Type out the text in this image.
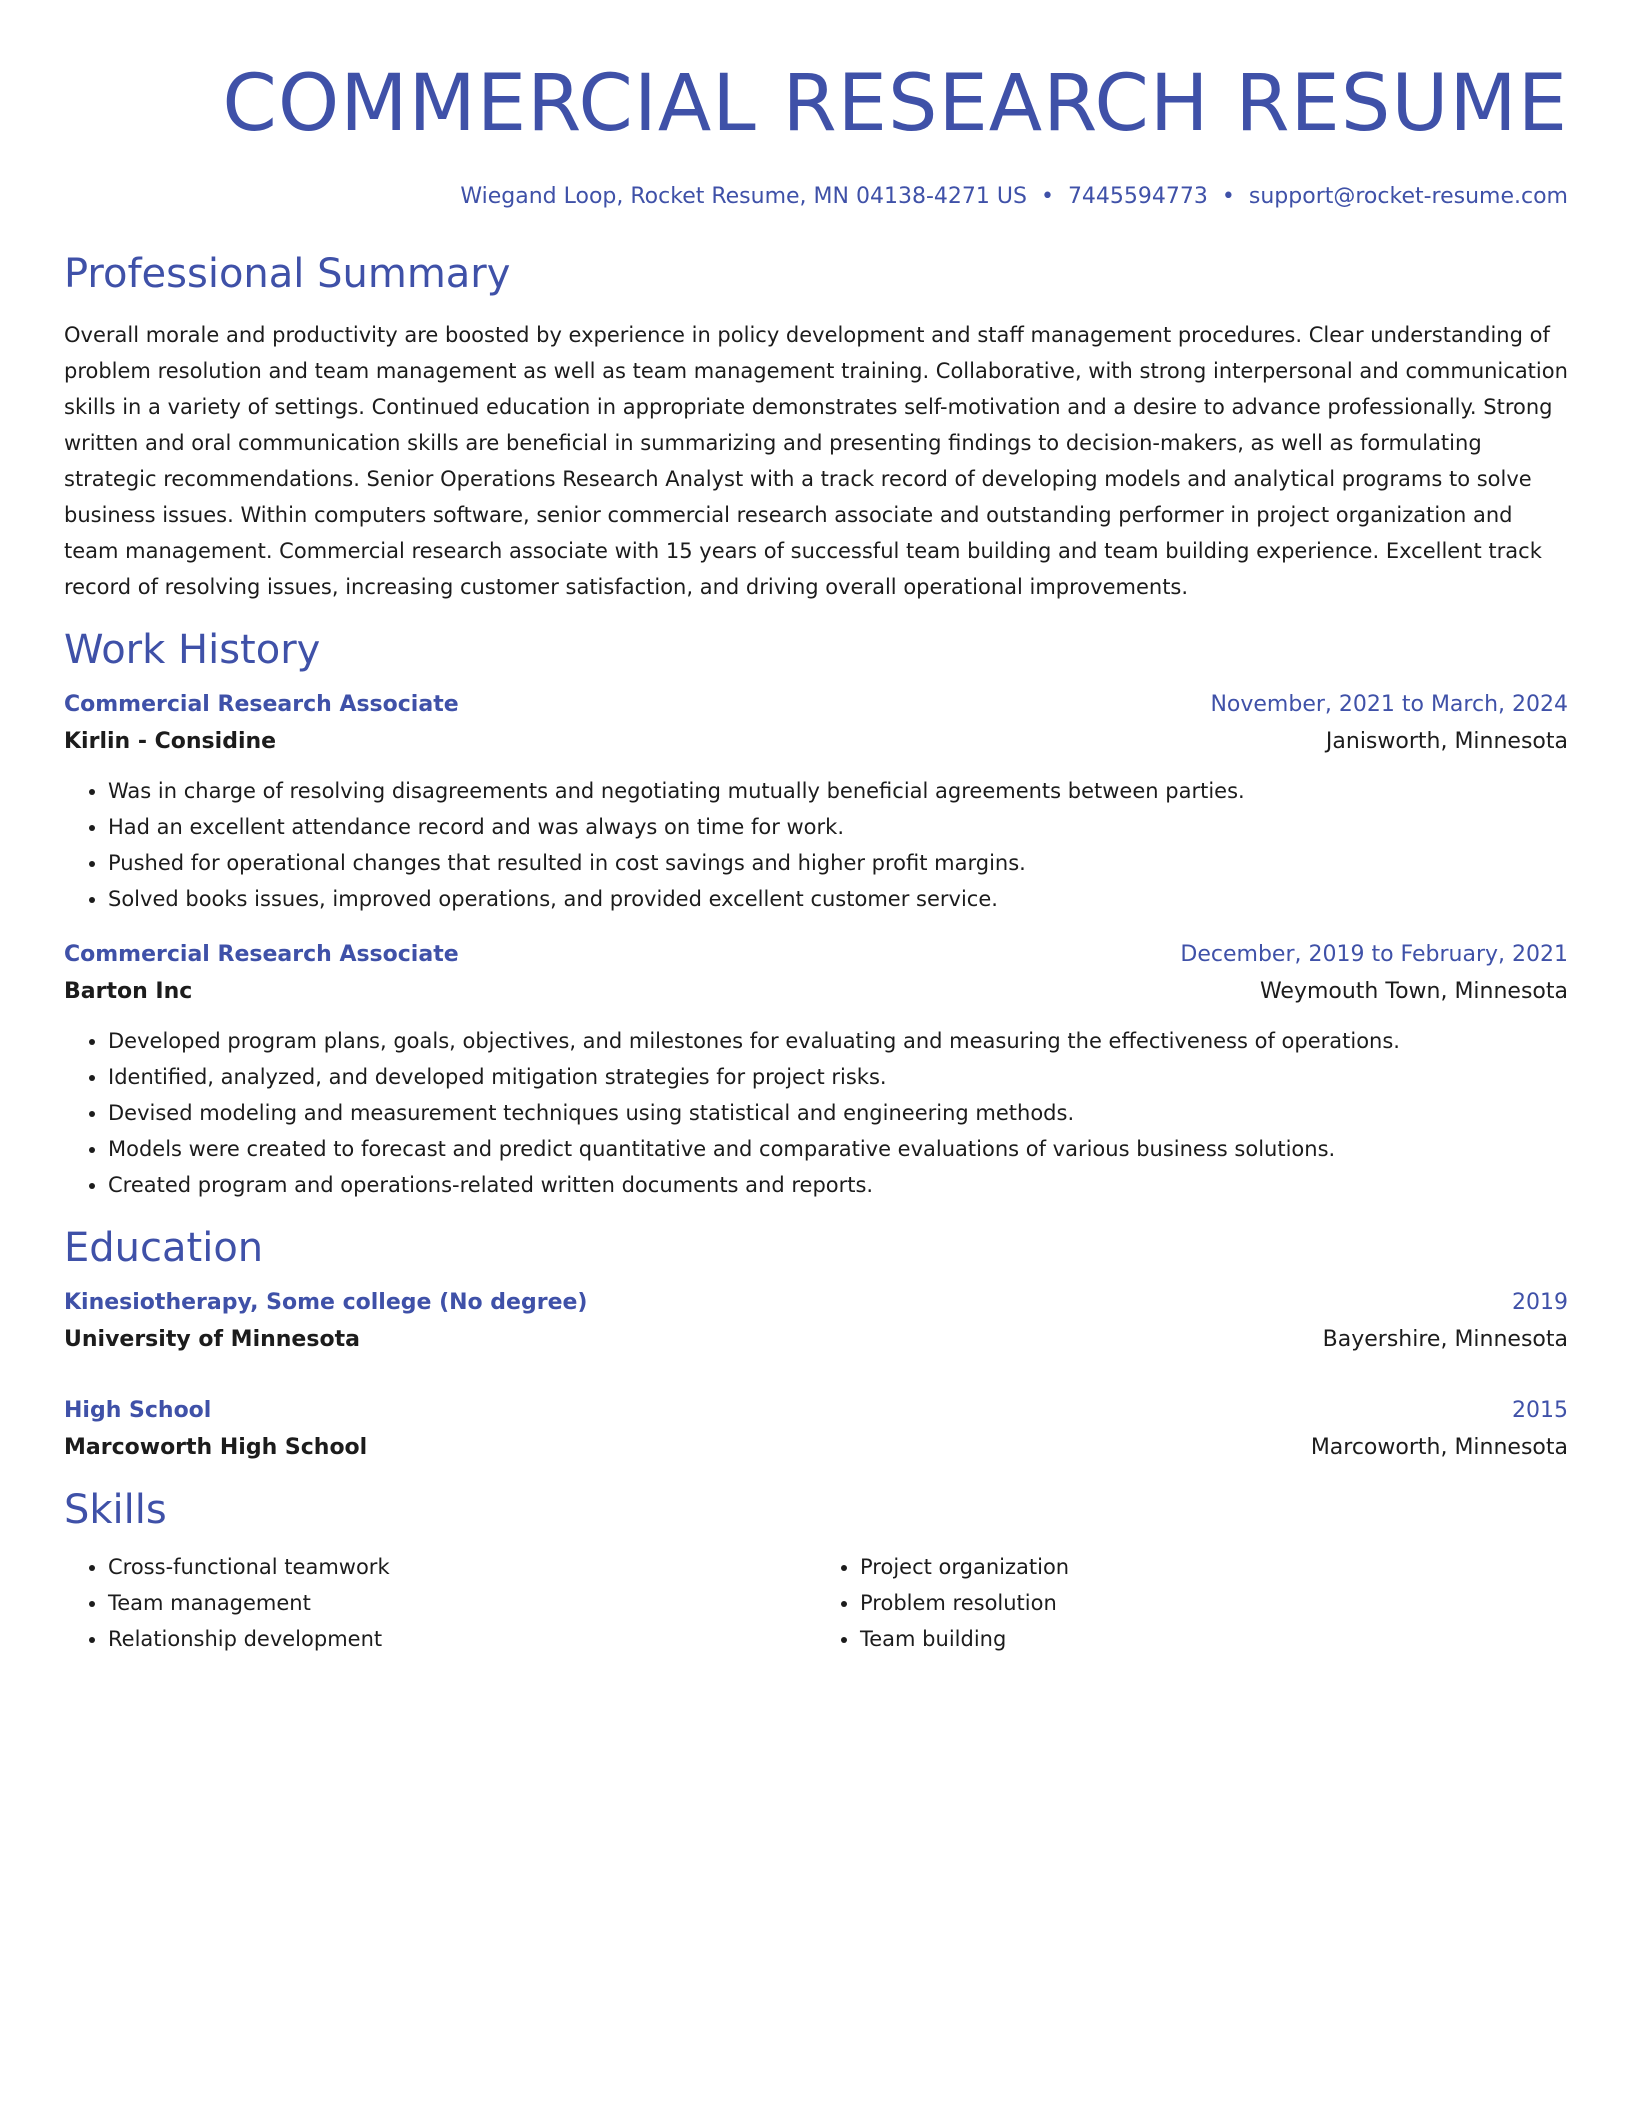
COMMERCIAL RESEARCH RESUME
Wiegand Loop, Rocket Resume, MN 04138-4271 US • 7445594773 • support@rocket-resume.com
Professional Summary

Overall morale and productivity are boosted by experience in policy development and staff management procedures. Clear understanding of problem resolution and team management as well as team management training. Collaborative, with strong interpersonal and communication skills in a variety of settings. Continued education in appropriate demonstrates self-motivation and a desire to advance professionally. Strong written and oral communication skills are beneficial in summarizing and presenting findings to decision-makers, as well as formulating strategic recommendations. Senior Operations Research Analyst with a track record of developing models and analytical programs to solve business issues. Within computers software, senior commercial research associate and outstanding performer in project organization and team management. Commercial research associate with 15 years of successful team building and team building experience. Excellent track record of resolving issues, increasing customer satisfaction, and driving overall operational improvements.

Work History
Commercial Research Associate	November, 2021 to March, 2024
Kirlin - Considine	Janisworth, Minnesota
• Was in charge of resolving disagreements and negotiating mutually beneficial agreements between parties.
• Had an excellent attendance record and was always on time for work.
• Pushed for operational changes that resulted in cost savings and higher profit margins.
• Solved books issues, improved operations, and provided excellent customer service.
Commercial Research Associate	December, 2019 to February, 2021
Barton Inc	Weymouth Town, Minnesota
• Developed program plans, goals, objectives, and milestones for evaluating and measuring the effectiveness of operations.
• Identified, analyzed, and developed mitigation strategies for project risks.
• Devised modeling and measurement techniques using statistical and engineering methods.
• Models were created to forecast and predict quantitative and comparative evaluations of various business solutions.
• Created program and operations-related written documents and reports.
Education
Kinesiotherapy, Some college (No degree)	2019
University of Minnesota	Bayershire, Minnesota
High School	2015
Marcoworth High School	Marcoworth, Minnesota
Skills
• Cross-functional teamwork
• Team management
• Relationship development
• Project organization
• Problem resolution
• Team building
